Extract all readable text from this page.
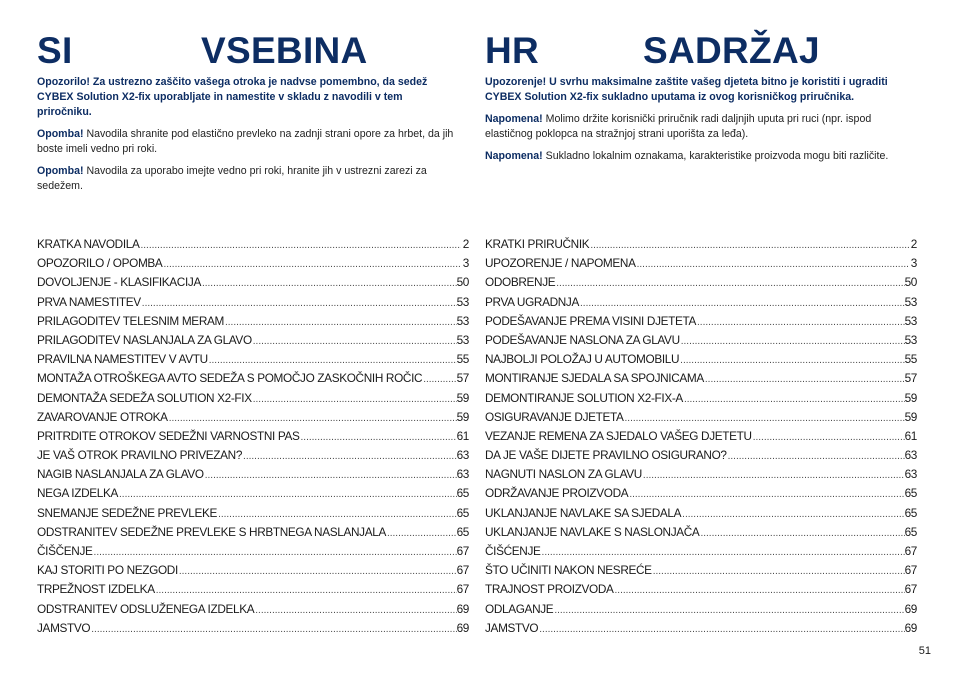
SI	VSEBINA

Opozorilo! Za ustrezno zaščito vašega otroka je nadvse pomembno, da sedež CYBEX Solution X2-fix uporabljate in namestite v skladu z navodili v tem priročniku.

Opomba! Navodila shranite pod elastično prevleko na zadnji strani opore za hrbet, da jih boste imeli vedno pri roki.

Opomba! Navodila za uporabo imejte vedno pri roki, hranite jih v ustrezni zarezi za sedežem.

KRATKA NAVODILA .....	2
OPOZORILO / OPOMBA .....	3
DOVOLJENJE - KLASIFIKACIJA .....	50
PRVA NAMESTITEV .....	53
PRILAGODITEV TELESNIM MERAM .....	53
PRILAGODITEV NASLANJALA ZA GLAVO .....	53
PRAVILNA NAMESTITEV V AVTU .....	55
MONTAŽA OTROŠKEGA AVTO SEDEŽA S POMOČJO ZASKOČNIH ROČIC .....	57
DEMONTAŽA SEDEŽA SOLUTION X2-FIX .....	59
ZAVAROVANJE OTROKA .....	59
PRITRDITE OTROKOV SEDEŽNI VARNOSTNI PAS .....	61
JE VAŠ OTROK PRAVILNO PRIVEZAN? .....	63
NAGIB NASLANJALA ZA GLAVO .....	63
NEGA IZDELKA .....	65
SNEMANJE SEDEŽNE PREVLEKE .....	65
ODSTRANITEV SEDEŽNE PREVLEKE S HRBTNEGA NASLANJALA .....	65
ČIŠČENJE .....	67
KAJ STORITI PO NEZGODI .....	67
TRPEŽNOST IZDELKA .....	67
ODSTRANITEV ODSLUŽENEGA IZDELKA .....	69
JAMSTVO .....	69
HR	SADRŽAJ

Upozorenje! U svrhu maksimalne zaštite vašeg djeteta bitno je koristiti i ugraditi CYBEX Solution X2-fix sukladno uputama iz ovog korisničkog priručnika.

Napomena! Molimo držite korisnički priručnik radi daljnjih uputa pri ruci (npr. ispod elastičnog poklopca na stražnjoj strani uporišta za leđa).

Napomena! Sukladno lokalnim oznakama, karakteristike proizvoda mogu biti različite.

KRATKI PRIRUČNIK .....	2
UPOZORENJE / NAPOMENA .....	3
ODOBRENJE .....	50
PRVA UGRADNJA .....	53
PODEŠAVANJE PREMA VISINI DJETETA .....	53
PODEŠAVANJE NASLONA ZA GLAVU .....	53
NAJBOLJI POLOŽAJ U AUTOMOBILU .....	55
MONTIRANJE SJEDALA SA SPOJNICAMA .....	57
DEMONTIRANJE SOLUTION X2-FIX-A .....	59
OSIGURAVANJE DJETETA .....	59
VEZANJE REMENA ZA SJEDALO VAŠEG DJETETU .....	61
DA JE VAŠE DIJETE PRAVILNO OSIGURANO? .....	63
NAGNUTI NASLON ZA GLAVU .....	63
ODRŽAVANJE PROIZVODA .....	65
UKLANJANJE NAVLAKE SA SJEDALA .....	65
UKLANJANJE NAVLAKE S NASLONJAČA .....	65
ČIŠĆENJE .....	67
ŠTO UČINITI NAKON NESREĆE .....	67
TRAJNOST PROIZVODA .....	67
ODLAGANJE .....	69
JAMSTVO .....	69
51
